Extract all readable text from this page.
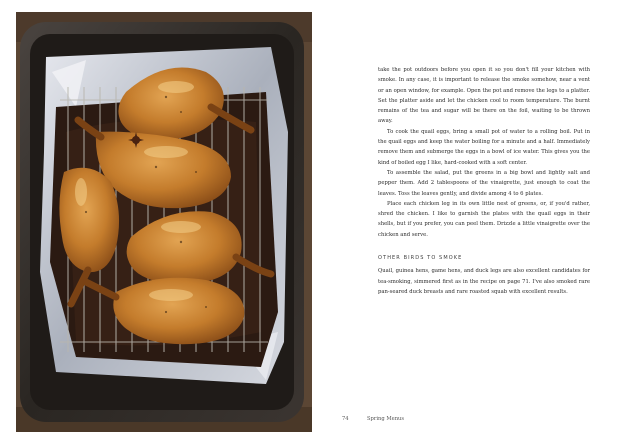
take the pot outdoors before you open it so you don't fill your kitchen with smoke. In any case, it is important to release the smoke somehow, near a vent or an open window, for example. Open the pot and remove the legs to a platter. Set the platter aside and let the chicken cool to room temperature. The burnt remains of the tea and sugar will be there on the foil, waiting to be thrown away.

To cook the quail eggs, bring a small pot of water to a rolling boil. Put in the quail eggs and keep the water boiling for a minute and a half. Immediately remove them and submerge the eggs in a bowl of ice water. This gives you the kind of boiled egg I like, hard-cooked with a soft center.

To assemble the salad, put the greens in a big bowl and lightly salt and pepper them. Add 2 tablespoons of the vinaigrette, just enough to coat the leaves. Toss the leaves gently, and divide among 4 to 6 plates.

Place each chicken leg in its own little nest of greens, or, if you'd rather, shred the chicken. I like to garnish the plates with the quail eggs in their shells, but if you prefer, you can peel them. Drizzle a little vinaigrette over the chicken and serve.

OTHER BIRDS TO SMOKE

Quail, guinea hens, game hens, and duck legs are also excellent candidates for tea-smoking, simmered first as in the recipe on page 71. I've also smoked rare pan-seared duck breasts and rare roasted squab with excellent results.

74	Spring Menus
